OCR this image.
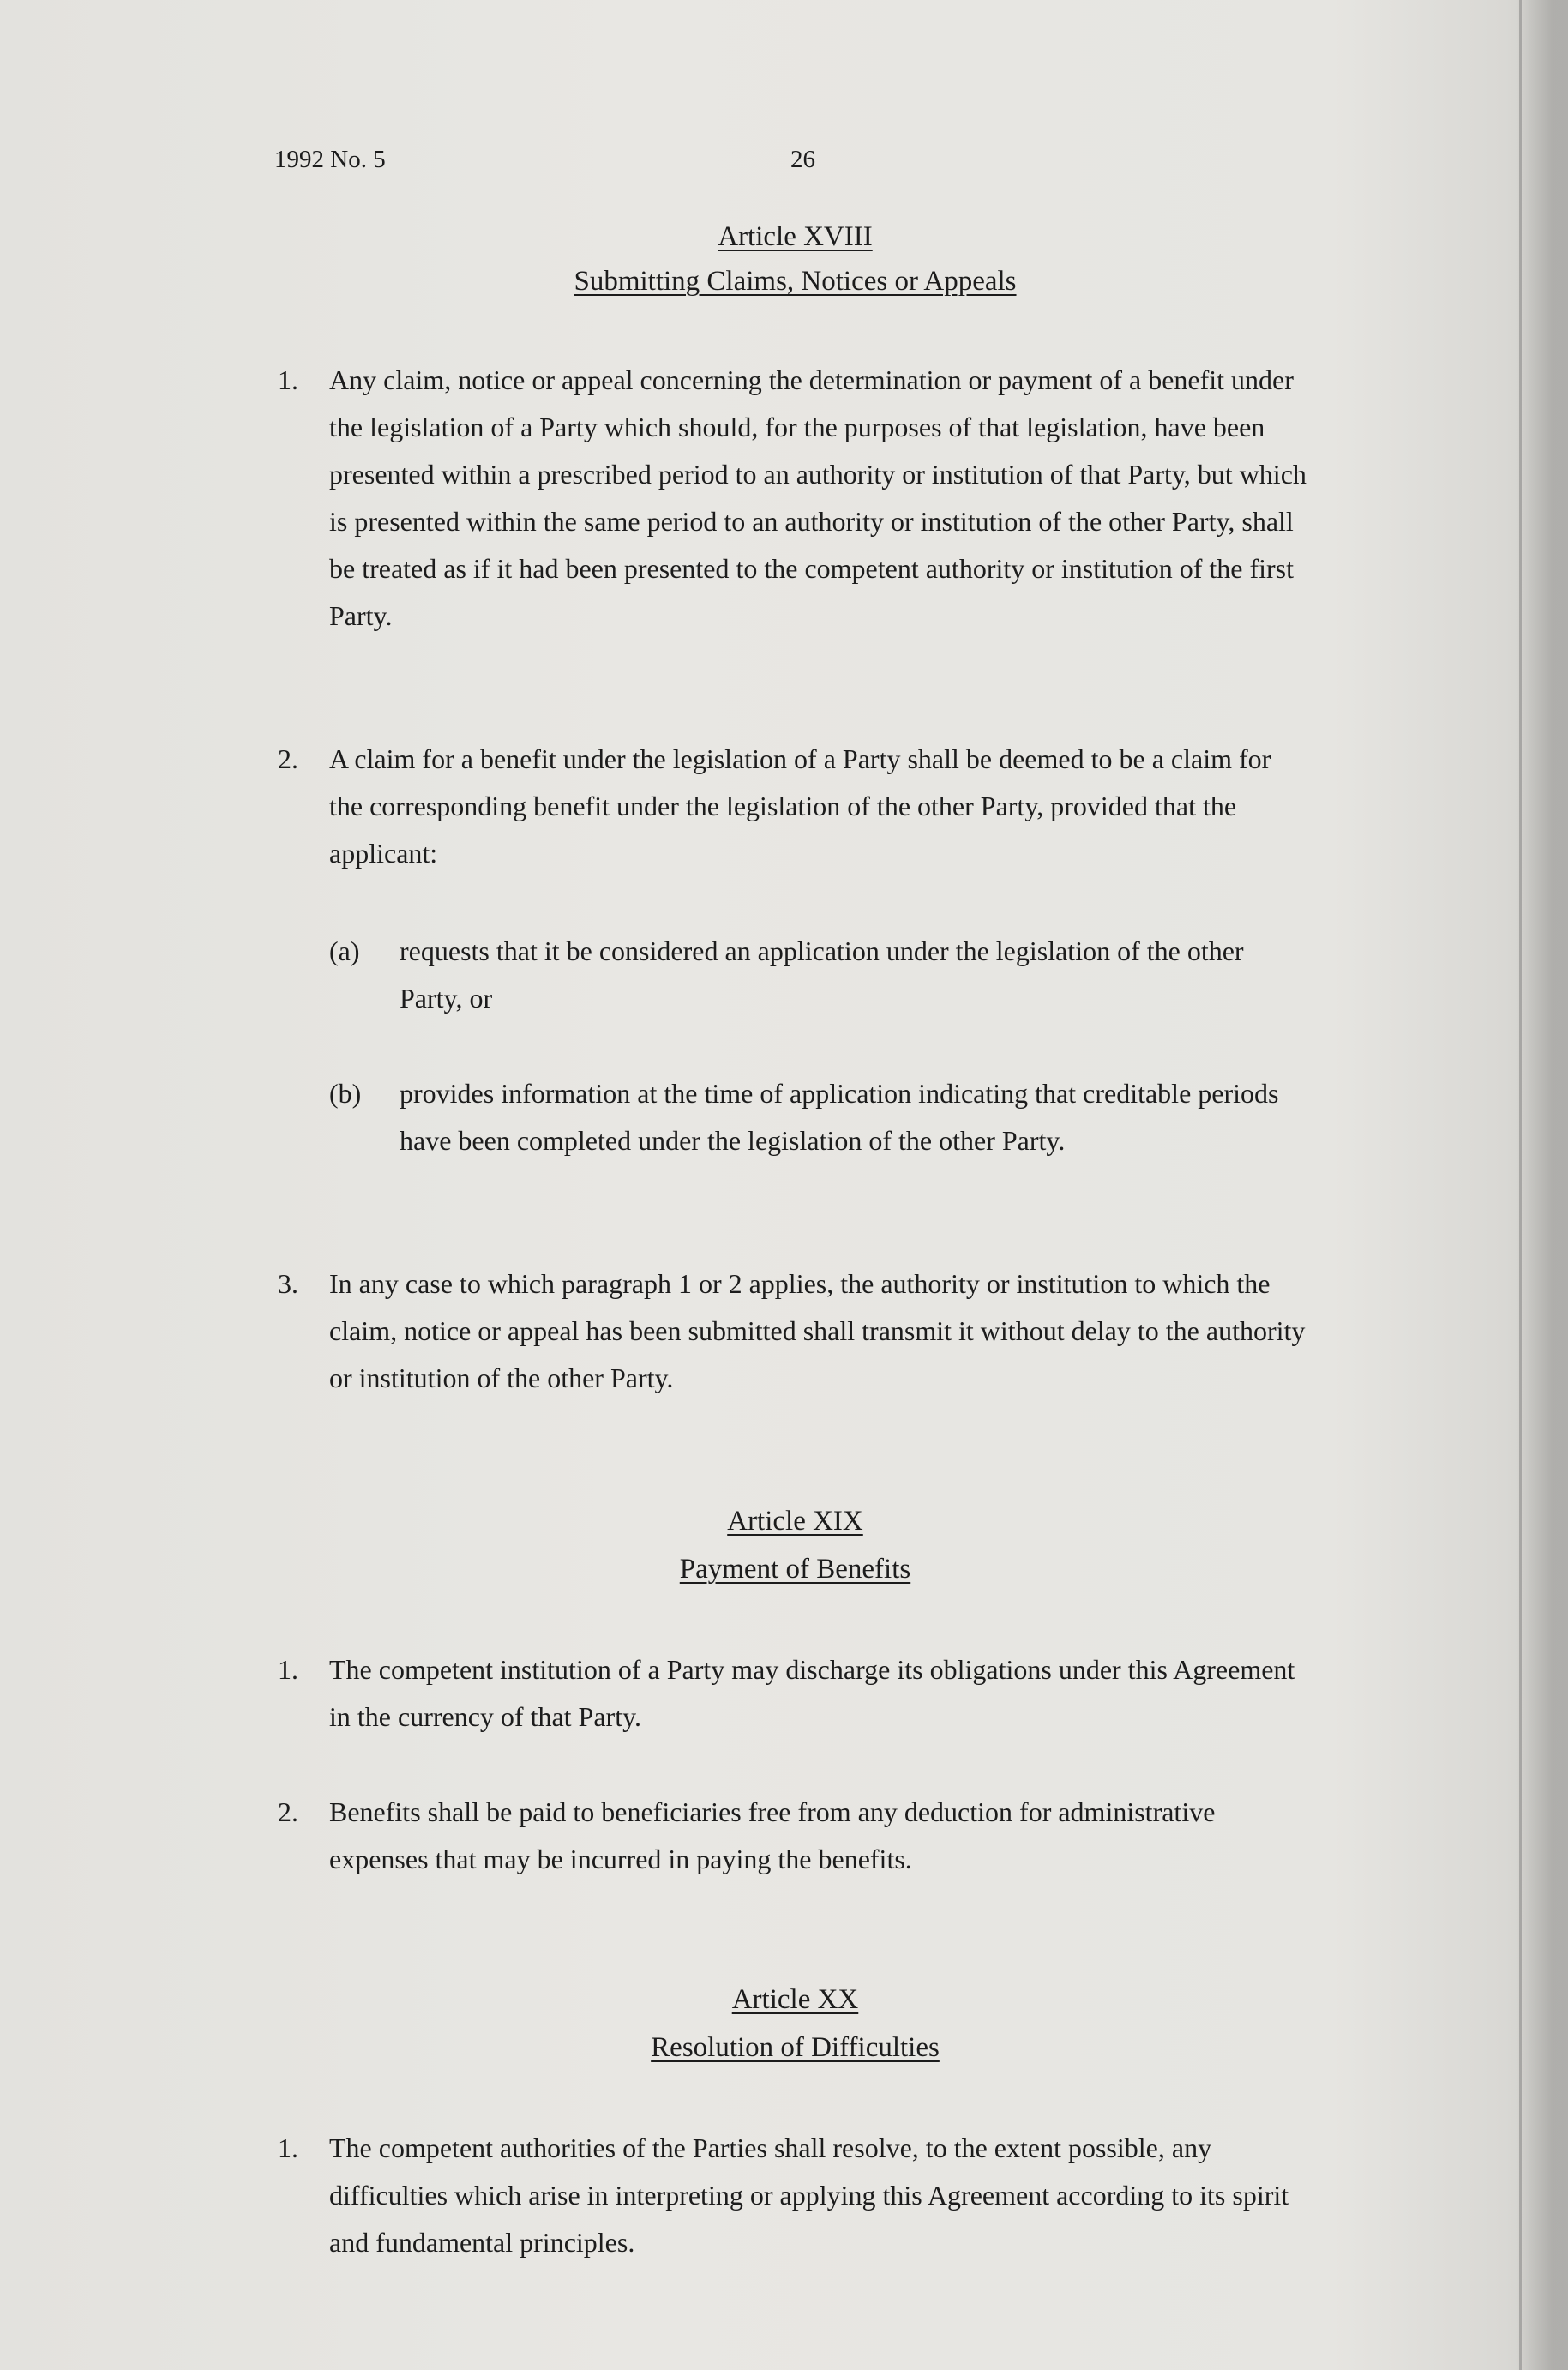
1992 No. 5	26
Article XVIII
Submitting Claims, Notices or Appeals
1. Any claim, notice or appeal concerning the determination or payment of a benefit under the legislation of a Party which should, for the purposes of that legislation, have been presented within a prescribed period to an authority or institution of that Party, but which is presented within the same period to an authority or institution of the other Party, shall be treated as if it had been presented to the competent authority or institution of the first Party.
2. A claim for a benefit under the legislation of a Party shall be deemed to be a claim for the corresponding benefit under the legislation of the other Party, provided that the applicant:
(a) requests that it be considered an application under the legislation of the other Party, or
(b) provides information at the time of application indicating that creditable periods have been completed under the legislation of the other Party.
3. In any case to which paragraph 1 or 2 applies, the authority or institution to which the claim, notice or appeal has been submitted shall transmit it without delay to the authority or institution of the other Party.
Article XIX
Payment of Benefits
1. The competent institution of a Party may discharge its obligations under this Agreement in the currency of that Party.
2. Benefits shall be paid to beneficiaries free from any deduction for administrative expenses that may be incurred in paying the benefits.
Article XX
Resolution of Difficulties
1. The competent authorities of the Parties shall resolve, to the extent possible, any difficulties which arise in interpreting or applying this Agreement according to its spirit and fundamental principles.
